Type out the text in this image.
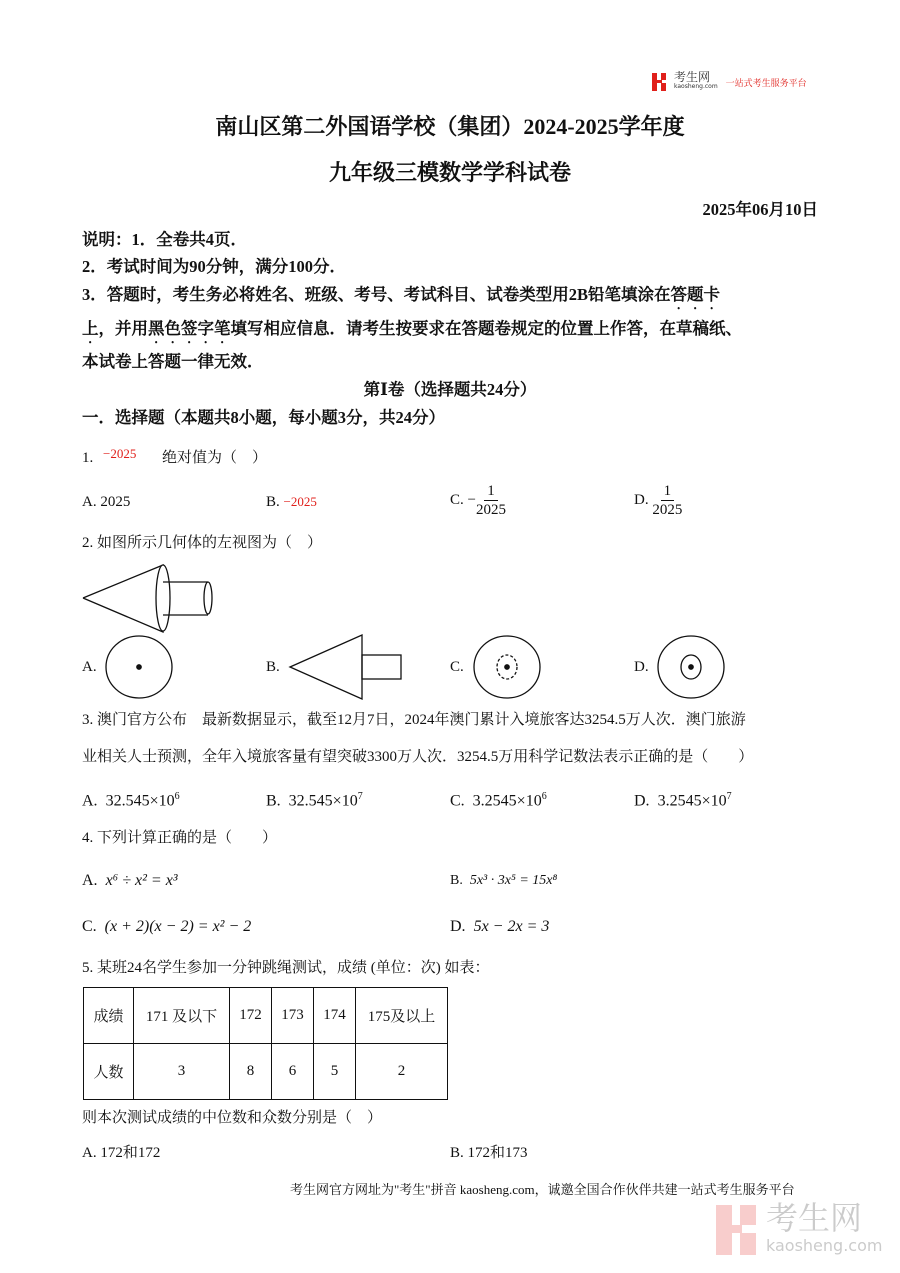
考生网
kaosheng.com 一站式考生服务平台
南山区第二外国语学校（集团）2024-2025学年度
九年级三模数学学科试卷
2025年06月10日
说明：1．全卷共4页．
2．考试时间为90分钟，满分100分．
3．答题时，考生务必将姓名、班级、考号、考试科目、试卷类型用2B铅笔填涂在答题卡
上，并用黑色签字笔填写相应信息．请考生按要求在答题卷规定的位置上作答，在草稿纸、
本试卷上答题一律无效．
第Ⅰ卷（选择题共24分）
一．选择题（本题共8小题，每小题3分，共24分）
1. −2025 绝对值为（　）
A. 2025	B. −2025	C. − $\frac{1}{2025}$	D. $\frac{1}{2025}$
2. 如图所示几何体的左视图为（　）
A.	B.	C.	D.
3. 澳门官方公布　最新数据显示，截至12月7日，2024年澳门累计入境旅客达3254.5万人次．澳门旅游
业相关人士预测，全年入境旅客量有望突破3300万人次．3254.5万用科学记数法表示正确的是（　　）
A. $32.545\times 10^6$	B. $32.545\times 10^7$	C. $3.2545\times 10^6$	D. $3.2545\times 10^7$
4. 下列计算正确的是（　　）
A. x⁶ ÷ x² = x³	B. 5x³ · 3x⁵ = 15x⁸
C. (x + 2)(x − 2) = x² − 2	D. 5x − 2x = 3
5. 某班24名学生参加一分钟跳绳测试，成绩 (单位：次) 如表：
成绩	171 及以下	172	173	174	175及以上
人数	3	8	6	5	2
则本次测试成绩的中位数和众数分别是（　）
A. 172和172	B. 172和173
考生网官方网址为"考生"拼音 kaosheng.com，诚邀全国合作伙伴共建一站式考生服务平台
考生网
kaosheng.com
